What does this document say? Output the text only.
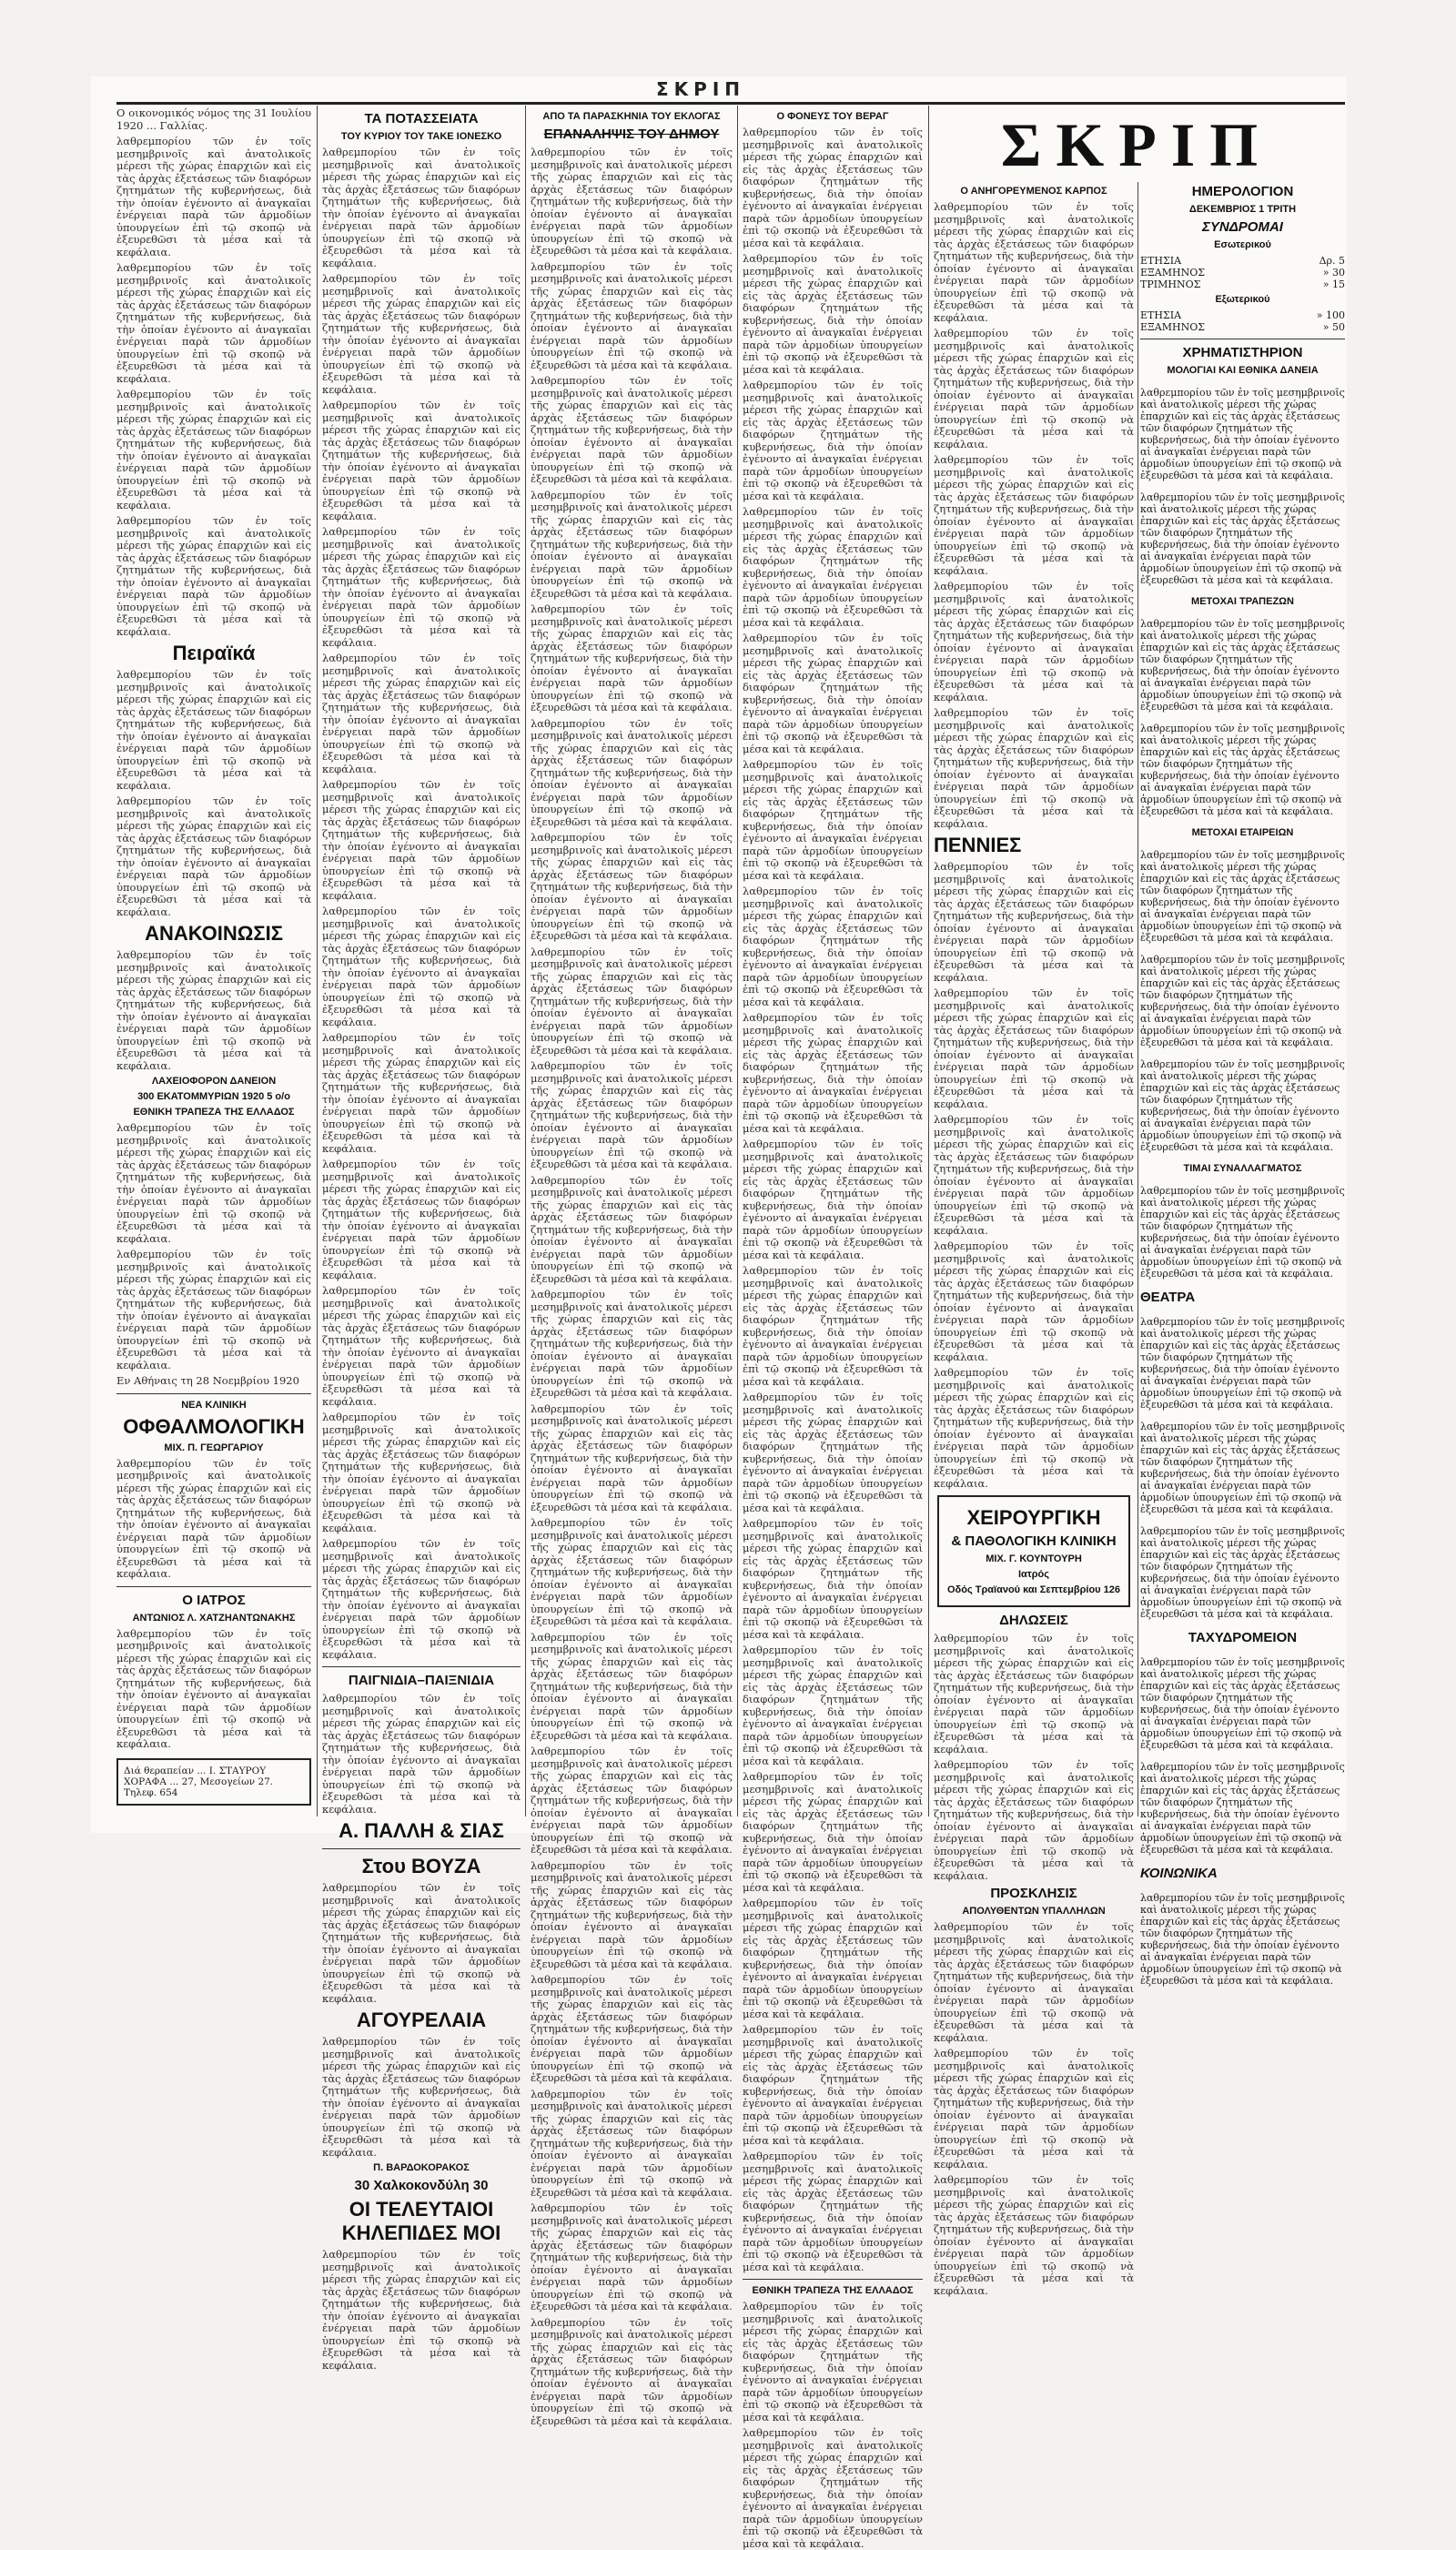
ΣΚΡΙΠ

Ο οικονομικός νόμος της 31 Ιουλίου 1920 ... Γαλλίας.

λαθρεμπορίου τῶν ἐν τοῖς μεσημβρινοῖς καὶ ἀνατολικοῖς μέρεσι τῆς χώρας ἐπαρχιῶν καὶ εἰς τὰς ἀρχὰς ἐξετάσεως τῶν διαφόρων ζητημάτων τῆς κυβερνήσεως, διὰ τὴν ὁποίαν ἐγένοντο αἱ ἀναγκαῖαι ἐνέργειαι παρὰ τῶν ἁρμοδίων ὑπουργείων ἐπὶ τῷ σκοπῷ νὰ ἐξευρεθῶσι τὰ μέσα καὶ τὰ κεφάλαια.

λαθρεμπορίου τῶν ἐν τοῖς μεσημβρινοῖς καὶ ἀνατολικοῖς μέρεσι τῆς χώρας ἐπαρχιῶν καὶ εἰς τὰς ἀρχὰς ἐξετάσεως τῶν διαφόρων ζητημάτων τῆς κυβερνήσεως, διὰ τὴν ὁποίαν ἐγένοντο αἱ ἀναγκαῖαι ἐνέργειαι παρὰ τῶν ἁρμοδίων ὑπουργείων ἐπὶ τῷ σκοπῷ νὰ ἐξευρεθῶσι τὰ μέσα καὶ τὰ κεφάλαια.

λαθρεμπορίου τῶν ἐν τοῖς μεσημβρινοῖς καὶ ἀνατολικοῖς μέρεσι τῆς χώρας ἐπαρχιῶν καὶ εἰς τὰς ἀρχὰς ἐξετάσεως τῶν διαφόρων ζητημάτων τῆς κυβερνήσεως, διὰ τὴν ὁποίαν ἐγένοντο αἱ ἀναγκαῖαι ἐνέργειαι παρὰ τῶν ἁρμοδίων ὑπουργείων ἐπὶ τῷ σκοπῷ νὰ ἐξευρεθῶσι τὰ μέσα καὶ τὰ κεφάλαια.

λαθρεμπορίου τῶν ἐν τοῖς μεσημβρινοῖς καὶ ἀνατολικοῖς μέρεσι τῆς χώρας ἐπαρχιῶν καὶ εἰς τὰς ἀρχὰς ἐξετάσεως τῶν διαφόρων ζητημάτων τῆς κυβερνήσεως, διὰ τὴν ὁποίαν ἐγένοντο αἱ ἀναγκαῖαι ἐνέργειαι παρὰ τῶν ἁρμοδίων ὑπουργείων ἐπὶ τῷ σκοπῷ νὰ ἐξευρεθῶσι τὰ μέσα καὶ τὰ κεφάλαια.

Πειραϊκά

λαθρεμπορίου τῶν ἐν τοῖς μεσημβρινοῖς καὶ ἀνατολικοῖς μέρεσι τῆς χώρας ἐπαρχιῶν καὶ εἰς τὰς ἀρχὰς ἐξετάσεως τῶν διαφόρων ζητημάτων τῆς κυβερνήσεως, διὰ τὴν ὁποίαν ἐγένοντο αἱ ἀναγκαῖαι ἐνέργειαι παρὰ τῶν ἁρμοδίων ὑπουργείων ἐπὶ τῷ σκοπῷ νὰ ἐξευρεθῶσι τὰ μέσα καὶ τὰ κεφάλαια.

λαθρεμπορίου τῶν ἐν τοῖς μεσημβρινοῖς καὶ ἀνατολικοῖς μέρεσι τῆς χώρας ἐπαρχιῶν καὶ εἰς τὰς ἀρχὰς ἐξετάσεως τῶν διαφόρων ζητημάτων τῆς κυβερνήσεως, διὰ τὴν ὁποίαν ἐγένοντο αἱ ἀναγκαῖαι ἐνέργειαι παρὰ τῶν ἁρμοδίων ὑπουργείων ἐπὶ τῷ σκοπῷ νὰ ἐξευρεθῶσι τὰ μέσα καὶ τὰ κεφάλαια.

ΑΝΑΚΟΙΝΩΣΙΣ

λαθρεμπορίου τῶν ἐν τοῖς μεσημβρινοῖς καὶ ἀνατολικοῖς μέρεσι τῆς χώρας ἐπαρχιῶν καὶ εἰς τὰς ἀρχὰς ἐξετάσεως τῶν διαφόρων ζητημάτων τῆς κυβερνήσεως, διὰ τὴν ὁποίαν ἐγένοντο αἱ ἀναγκαῖαι ἐνέργειαι παρὰ τῶν ἁρμοδίων ὑπουργείων ἐπὶ τῷ σκοπῷ νὰ ἐξευρεθῶσι τὰ μέσα καὶ τὰ κεφάλαια.

ΛΑΧΕΙΟΦΟΡΟΝ ΔΑΝΕΙΟΝ
300 ΕΚΑΤΟΜΜΥΡΙΩΝ 1920 5 ο/ο
ΕΘΝΙΚΗ ΤΡΑΠΕΖΑ ΤΗΣ ΕΛΛΑΔΟΣ

λαθρεμπορίου τῶν ἐν τοῖς μεσημβρινοῖς καὶ ἀνατολικοῖς μέρεσι τῆς χώρας ἐπαρχιῶν καὶ εἰς τὰς ἀρχὰς ἐξετάσεως τῶν διαφόρων ζητημάτων τῆς κυβερνήσεως, διὰ τὴν ὁποίαν ἐγένοντο αἱ ἀναγκαῖαι ἐνέργειαι παρὰ τῶν ἁρμοδίων ὑπουργείων ἐπὶ τῷ σκοπῷ νὰ ἐξευρεθῶσι τὰ μέσα καὶ τὰ κεφάλαια.

λαθρεμπορίου τῶν ἐν τοῖς μεσημβρινοῖς καὶ ἀνατολικοῖς μέρεσι τῆς χώρας ἐπαρχιῶν καὶ εἰς τὰς ἀρχὰς ἐξετάσεως τῶν διαφόρων ζητημάτων τῆς κυβερνήσεως, διὰ τὴν ὁποίαν ἐγένοντο αἱ ἀναγκαῖαι ἐνέργειαι παρὰ τῶν ἁρμοδίων ὑπουργείων ἐπὶ τῷ σκοπῷ νὰ ἐξευρεθῶσι τὰ μέσα καὶ τὰ κεφάλαια.

Εν Αθήναις τη 28 Νοεμβρίου 1920

ΝΕΑ ΚΛΙΝΙΚΗ
ΟΦΘΑΛΜΟΛΟΓΙΚΗ
ΜΙΧ. Π. ΓΕΩΡΓΑΡΙΟΥ

λαθρεμπορίου τῶν ἐν τοῖς μεσημβρινοῖς καὶ ἀνατολικοῖς μέρεσι τῆς χώρας ἐπαρχιῶν καὶ εἰς τὰς ἀρχὰς ἐξετάσεως τῶν διαφόρων ζητημάτων τῆς κυβερνήσεως, διὰ τὴν ὁποίαν ἐγένοντο αἱ ἀναγκαῖαι ἐνέργειαι παρὰ τῶν ἁρμοδίων ὑπουργείων ἐπὶ τῷ σκοπῷ νὰ ἐξευρεθῶσι τὰ μέσα καὶ τὰ κεφάλαια.

Ο ΙΑΤΡΟΣ
ΑΝΤΩΝΙΟΣ Λ. ΧΑΤΖΗΑΝΤΩΝΑΚΗΣ

λαθρεμπορίου τῶν ἐν τοῖς μεσημβρινοῖς καὶ ἀνατολικοῖς μέρεσι τῆς χώρας ἐπαρχιῶν καὶ εἰς τὰς ἀρχὰς ἐξετάσεως τῶν διαφόρων ζητημάτων τῆς κυβερνήσεως, διὰ τὴν ὁποίαν ἐγένοντο αἱ ἀναγκαῖαι ἐνέργειαι παρὰ τῶν ἁρμοδίων ὑπουργείων ἐπὶ τῷ σκοπῷ νὰ ἐξευρεθῶσι τὰ μέσα καὶ τὰ κεφάλαια.

Διά θεραπείαν ... Ι. ΣΤΑΥΡΟΥ ΧΟΡΑΦΑ ... 27, Μεσογείων 27. Τηλεφ. 654
ΤΑ ΠΟΤΑΣΣΕΙΑΤΑ
ΤΟΥ ΚΥΡΙΟΥ ΤΟΥ ΤΑΚΕ ΙΟΝΕΣΚΟ

λαθρεμπορίου τῶν ἐν τοῖς μεσημβρινοῖς καὶ ἀνατολικοῖς μέρεσι τῆς χώρας ἐπαρχιῶν καὶ εἰς τὰς ἀρχὰς ἐξετάσεως τῶν διαφόρων ζητημάτων τῆς κυβερνήσεως, διὰ τὴν ὁποίαν ἐγένοντο αἱ ἀναγκαῖαι ἐνέργειαι παρὰ τῶν ἁρμοδίων ὑπουργείων ἐπὶ τῷ σκοπῷ νὰ ἐξευρεθῶσι τὰ μέσα καὶ τὰ κεφάλαια.

λαθρεμπορίου τῶν ἐν τοῖς μεσημβρινοῖς καὶ ἀνατολικοῖς μέρεσι τῆς χώρας ἐπαρχιῶν καὶ εἰς τὰς ἀρχὰς ἐξετάσεως τῶν διαφόρων ζητημάτων τῆς κυβερνήσεως, διὰ τὴν ὁποίαν ἐγένοντο αἱ ἀναγκαῖαι ἐνέργειαι παρὰ τῶν ἁρμοδίων ὑπουργείων ἐπὶ τῷ σκοπῷ νὰ ἐξευρεθῶσι τὰ μέσα καὶ τὰ κεφάλαια.

λαθρεμπορίου τῶν ἐν τοῖς μεσημβρινοῖς καὶ ἀνατολικοῖς μέρεσι τῆς χώρας ἐπαρχιῶν καὶ εἰς τὰς ἀρχὰς ἐξετάσεως τῶν διαφόρων ζητημάτων τῆς κυβερνήσεως, διὰ τὴν ὁποίαν ἐγένοντο αἱ ἀναγκαῖαι ἐνέργειαι παρὰ τῶν ἁρμοδίων ὑπουργείων ἐπὶ τῷ σκοπῷ νὰ ἐξευρεθῶσι τὰ μέσα καὶ τὰ κεφάλαια.

λαθρεμπορίου τῶν ἐν τοῖς μεσημβρινοῖς καὶ ἀνατολικοῖς μέρεσι τῆς χώρας ἐπαρχιῶν καὶ εἰς τὰς ἀρχὰς ἐξετάσεως τῶν διαφόρων ζητημάτων τῆς κυβερνήσεως, διὰ τὴν ὁποίαν ἐγένοντο αἱ ἀναγκαῖαι ἐνέργειαι παρὰ τῶν ἁρμοδίων ὑπουργείων ἐπὶ τῷ σκοπῷ νὰ ἐξευρεθῶσι τὰ μέσα καὶ τὰ κεφάλαια.

λαθρεμπορίου τῶν ἐν τοῖς μεσημβρινοῖς καὶ ἀνατολικοῖς μέρεσι τῆς χώρας ἐπαρχιῶν καὶ εἰς τὰς ἀρχὰς ἐξετάσεως τῶν διαφόρων ζητημάτων τῆς κυβερνήσεως, διὰ τὴν ὁποίαν ἐγένοντο αἱ ἀναγκαῖαι ἐνέργειαι παρὰ τῶν ἁρμοδίων ὑπουργείων ἐπὶ τῷ σκοπῷ νὰ ἐξευρεθῶσι τὰ μέσα καὶ τὰ κεφάλαια.

λαθρεμπορίου τῶν ἐν τοῖς μεσημβρινοῖς καὶ ἀνατολικοῖς μέρεσι τῆς χώρας ἐπαρχιῶν καὶ εἰς τὰς ἀρχὰς ἐξετάσεως τῶν διαφόρων ζητημάτων τῆς κυβερνήσεως, διὰ τὴν ὁποίαν ἐγένοντο αἱ ἀναγκαῖαι ἐνέργειαι παρὰ τῶν ἁρμοδίων ὑπουργείων ἐπὶ τῷ σκοπῷ νὰ ἐξευρεθῶσι τὰ μέσα καὶ τὰ κεφάλαια.

λαθρεμπορίου τῶν ἐν τοῖς μεσημβρινοῖς καὶ ἀνατολικοῖς μέρεσι τῆς χώρας ἐπαρχιῶν καὶ εἰς τὰς ἀρχὰς ἐξετάσεως τῶν διαφόρων ζητημάτων τῆς κυβερνήσεως, διὰ τὴν ὁποίαν ἐγένοντο αἱ ἀναγκαῖαι ἐνέργειαι παρὰ τῶν ἁρμοδίων ὑπουργείων ἐπὶ τῷ σκοπῷ νὰ ἐξευρεθῶσι τὰ μέσα καὶ τὰ κεφάλαια.

λαθρεμπορίου τῶν ἐν τοῖς μεσημβρινοῖς καὶ ἀνατολικοῖς μέρεσι τῆς χώρας ἐπαρχιῶν καὶ εἰς τὰς ἀρχὰς ἐξετάσεως τῶν διαφόρων ζητημάτων τῆς κυβερνήσεως, διὰ τὴν ὁποίαν ἐγένοντο αἱ ἀναγκαῖαι ἐνέργειαι παρὰ τῶν ἁρμοδίων ὑπουργείων ἐπὶ τῷ σκοπῷ νὰ ἐξευρεθῶσι τὰ μέσα καὶ τὰ κεφάλαια.

λαθρεμπορίου τῶν ἐν τοῖς μεσημβρινοῖς καὶ ἀνατολικοῖς μέρεσι τῆς χώρας ἐπαρχιῶν καὶ εἰς τὰς ἀρχὰς ἐξετάσεως τῶν διαφόρων ζητημάτων τῆς κυβερνήσεως, διὰ τὴν ὁποίαν ἐγένοντο αἱ ἀναγκαῖαι ἐνέργειαι παρὰ τῶν ἁρμοδίων ὑπουργείων ἐπὶ τῷ σκοπῷ νὰ ἐξευρεθῶσι τὰ μέσα καὶ τὰ κεφάλαια.

λαθρεμπορίου τῶν ἐν τοῖς μεσημβρινοῖς καὶ ἀνατολικοῖς μέρεσι τῆς χώρας ἐπαρχιῶν καὶ εἰς τὰς ἀρχὰς ἐξετάσεως τῶν διαφόρων ζητημάτων τῆς κυβερνήσεως, διὰ τὴν ὁποίαν ἐγένοντο αἱ ἀναγκαῖαι ἐνέργειαι παρὰ τῶν ἁρμοδίων ὑπουργείων ἐπὶ τῷ σκοπῷ νὰ ἐξευρεθῶσι τὰ μέσα καὶ τὰ κεφάλαια.

λαθρεμπορίου τῶν ἐν τοῖς μεσημβρινοῖς καὶ ἀνατολικοῖς μέρεσι τῆς χώρας ἐπαρχιῶν καὶ εἰς τὰς ἀρχὰς ἐξετάσεως τῶν διαφόρων ζητημάτων τῆς κυβερνήσεως, διὰ τὴν ὁποίαν ἐγένοντο αἱ ἀναγκαῖαι ἐνέργειαι παρὰ τῶν ἁρμοδίων ὑπουργείων ἐπὶ τῷ σκοπῷ νὰ ἐξευρεθῶσι τὰ μέσα καὶ τὰ κεφάλαια.

λαθρεμπορίου τῶν ἐν τοῖς μεσημβρινοῖς καὶ ἀνατολικοῖς μέρεσι τῆς χώρας ἐπαρχιῶν καὶ εἰς τὰς ἀρχὰς ἐξετάσεως τῶν διαφόρων ζητημάτων τῆς κυβερνήσεως, διὰ τὴν ὁποίαν ἐγένοντο αἱ ἀναγκαῖαι ἐνέργειαι παρὰ τῶν ἁρμοδίων ὑπουργείων ἐπὶ τῷ σκοπῷ νὰ ἐξευρεθῶσι τὰ μέσα καὶ τὰ κεφάλαια.

ΠΑΙΓΝΙΔΙΑ–ΠΑΙΞΝΙΔΙΑ

λαθρεμπορίου τῶν ἐν τοῖς μεσημβρινοῖς καὶ ἀνατολικοῖς μέρεσι τῆς χώρας ἐπαρχιῶν καὶ εἰς τὰς ἀρχὰς ἐξετάσεως τῶν διαφόρων ζητημάτων τῆς κυβερνήσεως, διὰ τὴν ὁποίαν ἐγένοντο αἱ ἀναγκαῖαι ἐνέργειαι παρὰ τῶν ἁρμοδίων ὑπουργείων ἐπὶ τῷ σκοπῷ νὰ ἐξευρεθῶσι τὰ μέσα καὶ τὰ κεφάλαια.

Α. ΠΑΛΛΗ & ΣΙΑΣ
Στου ΒΟΥΖΑ

λαθρεμπορίου τῶν ἐν τοῖς μεσημβρινοῖς καὶ ἀνατολικοῖς μέρεσι τῆς χώρας ἐπαρχιῶν καὶ εἰς τὰς ἀρχὰς ἐξετάσεως τῶν διαφόρων ζητημάτων τῆς κυβερνήσεως, διὰ τὴν ὁποίαν ἐγένοντο αἱ ἀναγκαῖαι ἐνέργειαι παρὰ τῶν ἁρμοδίων ὑπουργείων ἐπὶ τῷ σκοπῷ νὰ ἐξευρεθῶσι τὰ μέσα καὶ τὰ κεφάλαια.

ΑΓΟΥΡΕΛΑΙΑ

λαθρεμπορίου τῶν ἐν τοῖς μεσημβρινοῖς καὶ ἀνατολικοῖς μέρεσι τῆς χώρας ἐπαρχιῶν καὶ εἰς τὰς ἀρχὰς ἐξετάσεως τῶν διαφόρων ζητημάτων τῆς κυβερνήσεως, διὰ τὴν ὁποίαν ἐγένοντο αἱ ἀναγκαῖαι ἐνέργειαι παρὰ τῶν ἁρμοδίων ὑπουργείων ἐπὶ τῷ σκοπῷ νὰ ἐξευρεθῶσι τὰ μέσα καὶ τὰ κεφάλαια.

Π. ΒΑΡΔΟΚΟΡΑΚΟΣ
30 Χαλκοκονδύλη 30
ΟΙ ΤΕΛΕΥΤΑΙΟΙ ΚΗΛΕΠΙΔΕΣ ΜΟΙ

λαθρεμπορίου τῶν ἐν τοῖς μεσημβρινοῖς καὶ ἀνατολικοῖς μέρεσι τῆς χώρας ἐπαρχιῶν καὶ εἰς τὰς ἀρχὰς ἐξετάσεως τῶν διαφόρων ζητημάτων τῆς κυβερνήσεως, διὰ τὴν ὁποίαν ἐγένοντο αἱ ἀναγκαῖαι ἐνέργειαι παρὰ τῶν ἁρμοδίων ὑπουργείων ἐπὶ τῷ σκοπῷ νὰ ἐξευρεθῶσι τὰ μέσα καὶ τὰ κεφάλαια.

ΑΠΟ ΤΑ ΠΑΡΑΣΚΗΝΙΑ ΤΟΥ ΕΚΛΟΓΑΣ
ΕΠΑΝΑΛΗΨΙΣ ΤΟΥ ΔΗΜΟΥ

λαθρεμπορίου τῶν ἐν τοῖς μεσημβρινοῖς καὶ ἀνατολικοῖς μέρεσι τῆς χώρας ἐπαρχιῶν καὶ εἰς τὰς ἀρχὰς ἐξετάσεως τῶν διαφόρων ζητημάτων τῆς κυβερνήσεως, διὰ τὴν ὁποίαν ἐγένοντο αἱ ἀναγκαῖαι ἐνέργειαι παρὰ τῶν ἁρμοδίων ὑπουργείων ἐπὶ τῷ σκοπῷ νὰ ἐξευρεθῶσι τὰ μέσα καὶ τὰ κεφάλαια.

λαθρεμπορίου τῶν ἐν τοῖς μεσημβρινοῖς καὶ ἀνατολικοῖς μέρεσι τῆς χώρας ἐπαρχιῶν καὶ εἰς τὰς ἀρχὰς ἐξετάσεως τῶν διαφόρων ζητημάτων τῆς κυβερνήσεως, διὰ τὴν ὁποίαν ἐγένοντο αἱ ἀναγκαῖαι ἐνέργειαι παρὰ τῶν ἁρμοδίων ὑπουργείων ἐπὶ τῷ σκοπῷ νὰ ἐξευρεθῶσι τὰ μέσα καὶ τὰ κεφάλαια.

λαθρεμπορίου τῶν ἐν τοῖς μεσημβρινοῖς καὶ ἀνατολικοῖς μέρεσι τῆς χώρας ἐπαρχιῶν καὶ εἰς τὰς ἀρχὰς ἐξετάσεως τῶν διαφόρων ζητημάτων τῆς κυβερνήσεως, διὰ τὴν ὁποίαν ἐγένοντο αἱ ἀναγκαῖαι ἐνέργειαι παρὰ τῶν ἁρμοδίων ὑπουργείων ἐπὶ τῷ σκοπῷ νὰ ἐξευρεθῶσι τὰ μέσα καὶ τὰ κεφάλαια.

λαθρεμπορίου τῶν ἐν τοῖς μεσημβρινοῖς καὶ ἀνατολικοῖς μέρεσι τῆς χώρας ἐπαρχιῶν καὶ εἰς τὰς ἀρχὰς ἐξετάσεως τῶν διαφόρων ζητημάτων τῆς κυβερνήσεως, διὰ τὴν ὁποίαν ἐγένοντο αἱ ἀναγκαῖαι ἐνέργειαι παρὰ τῶν ἁρμοδίων ὑπουργείων ἐπὶ τῷ σκοπῷ νὰ ἐξευρεθῶσι τὰ μέσα καὶ τὰ κεφάλαια.

λαθρεμπορίου τῶν ἐν τοῖς μεσημβρινοῖς καὶ ἀνατολικοῖς μέρεσι τῆς χώρας ἐπαρχιῶν καὶ εἰς τὰς ἀρχὰς ἐξετάσεως τῶν διαφόρων ζητημάτων τῆς κυβερνήσεως, διὰ τὴν ὁποίαν ἐγένοντο αἱ ἀναγκαῖαι ἐνέργειαι παρὰ τῶν ἁρμοδίων ὑπουργείων ἐπὶ τῷ σκοπῷ νὰ ἐξευρεθῶσι τὰ μέσα καὶ τὰ κεφάλαια.

λαθρεμπορίου τῶν ἐν τοῖς μεσημβρινοῖς καὶ ἀνατολικοῖς μέρεσι τῆς χώρας ἐπαρχιῶν καὶ εἰς τὰς ἀρχὰς ἐξετάσεως τῶν διαφόρων ζητημάτων τῆς κυβερνήσεως, διὰ τὴν ὁποίαν ἐγένοντο αἱ ἀναγκαῖαι ἐνέργειαι παρὰ τῶν ἁρμοδίων ὑπουργείων ἐπὶ τῷ σκοπῷ νὰ ἐξευρεθῶσι τὰ μέσα καὶ τὰ κεφάλαια.

λαθρεμπορίου τῶν ἐν τοῖς μεσημβρινοῖς καὶ ἀνατολικοῖς μέρεσι τῆς χώρας ἐπαρχιῶν καὶ εἰς τὰς ἀρχὰς ἐξετάσεως τῶν διαφόρων ζητημάτων τῆς κυβερνήσεως, διὰ τὴν ὁποίαν ἐγένοντο αἱ ἀναγκαῖαι ἐνέργειαι παρὰ τῶν ἁρμοδίων ὑπουργείων ἐπὶ τῷ σκοπῷ νὰ ἐξευρεθῶσι τὰ μέσα καὶ τὰ κεφάλαια.

λαθρεμπορίου τῶν ἐν τοῖς μεσημβρινοῖς καὶ ἀνατολικοῖς μέρεσι τῆς χώρας ἐπαρχιῶν καὶ εἰς τὰς ἀρχὰς ἐξετάσεως τῶν διαφόρων ζητημάτων τῆς κυβερνήσεως, διὰ τὴν ὁποίαν ἐγένοντο αἱ ἀναγκαῖαι ἐνέργειαι παρὰ τῶν ἁρμοδίων ὑπουργείων ἐπὶ τῷ σκοπῷ νὰ ἐξευρεθῶσι τὰ μέσα καὶ τὰ κεφάλαια.

λαθρεμπορίου τῶν ἐν τοῖς μεσημβρινοῖς καὶ ἀνατολικοῖς μέρεσι τῆς χώρας ἐπαρχιῶν καὶ εἰς τὰς ἀρχὰς ἐξετάσεως τῶν διαφόρων ζητημάτων τῆς κυβερνήσεως, διὰ τὴν ὁποίαν ἐγένοντο αἱ ἀναγκαῖαι ἐνέργειαι παρὰ τῶν ἁρμοδίων ὑπουργείων ἐπὶ τῷ σκοπῷ νὰ ἐξευρεθῶσι τὰ μέσα καὶ τὰ κεφάλαια.

λαθρεμπορίου τῶν ἐν τοῖς μεσημβρινοῖς καὶ ἀνατολικοῖς μέρεσι τῆς χώρας ἐπαρχιῶν καὶ εἰς τὰς ἀρχὰς ἐξετάσεως τῶν διαφόρων ζητημάτων τῆς κυβερνήσεως, διὰ τὴν ὁποίαν ἐγένοντο αἱ ἀναγκαῖαι ἐνέργειαι παρὰ τῶν ἁρμοδίων ὑπουργείων ἐπὶ τῷ σκοπῷ νὰ ἐξευρεθῶσι τὰ μέσα καὶ τὰ κεφάλαια.

λαθρεμπορίου τῶν ἐν τοῖς μεσημβρινοῖς καὶ ἀνατολικοῖς μέρεσι τῆς χώρας ἐπαρχιῶν καὶ εἰς τὰς ἀρχὰς ἐξετάσεως τῶν διαφόρων ζητημάτων τῆς κυβερνήσεως, διὰ τὴν ὁποίαν ἐγένοντο αἱ ἀναγκαῖαι ἐνέργειαι παρὰ τῶν ἁρμοδίων ὑπουργείων ἐπὶ τῷ σκοπῷ νὰ ἐξευρεθῶσι τὰ μέσα καὶ τὰ κεφάλαια.

λαθρεμπορίου τῶν ἐν τοῖς μεσημβρινοῖς καὶ ἀνατολικοῖς μέρεσι τῆς χώρας ἐπαρχιῶν καὶ εἰς τὰς ἀρχὰς ἐξετάσεως τῶν διαφόρων ζητημάτων τῆς κυβερνήσεως, διὰ τὴν ὁποίαν ἐγένοντο αἱ ἀναγκαῖαι ἐνέργειαι παρὰ τῶν ἁρμοδίων ὑπουργείων ἐπὶ τῷ σκοπῷ νὰ ἐξευρεθῶσι τὰ μέσα καὶ τὰ κεφάλαια.

λαθρεμπορίου τῶν ἐν τοῖς μεσημβρινοῖς καὶ ἀνατολικοῖς μέρεσι τῆς χώρας ἐπαρχιῶν καὶ εἰς τὰς ἀρχὰς ἐξετάσεως τῶν διαφόρων ζητημάτων τῆς κυβερνήσεως, διὰ τὴν ὁποίαν ἐγένοντο αἱ ἀναγκαῖαι ἐνέργειαι παρὰ τῶν ἁρμοδίων ὑπουργείων ἐπὶ τῷ σκοπῷ νὰ ἐξευρεθῶσι τὰ μέσα καὶ τὰ κεφάλαια.

λαθρεμπορίου τῶν ἐν τοῖς μεσημβρινοῖς καὶ ἀνατολικοῖς μέρεσι τῆς χώρας ἐπαρχιῶν καὶ εἰς τὰς ἀρχὰς ἐξετάσεως τῶν διαφόρων ζητημάτων τῆς κυβερνήσεως, διὰ τὴν ὁποίαν ἐγένοντο αἱ ἀναγκαῖαι ἐνέργειαι παρὰ τῶν ἁρμοδίων ὑπουργείων ἐπὶ τῷ σκοπῷ νὰ ἐξευρεθῶσι τὰ μέσα καὶ τὰ κεφάλαια.

λαθρεμπορίου τῶν ἐν τοῖς μεσημβρινοῖς καὶ ἀνατολικοῖς μέρεσι τῆς χώρας ἐπαρχιῶν καὶ εἰς τὰς ἀρχὰς ἐξετάσεως τῶν διαφόρων ζητημάτων τῆς κυβερνήσεως, διὰ τὴν ὁποίαν ἐγένοντο αἱ ἀναγκαῖαι ἐνέργειαι παρὰ τῶν ἁρμοδίων ὑπουργείων ἐπὶ τῷ σκοπῷ νὰ ἐξευρεθῶσι τὰ μέσα καὶ τὰ κεφάλαια.

λαθρεμπορίου τῶν ἐν τοῖς μεσημβρινοῖς καὶ ἀνατολικοῖς μέρεσι τῆς χώρας ἐπαρχιῶν καὶ εἰς τὰς ἀρχὰς ἐξετάσεως τῶν διαφόρων ζητημάτων τῆς κυβερνήσεως, διὰ τὴν ὁποίαν ἐγένοντο αἱ ἀναγκαῖαι ἐνέργειαι παρὰ τῶν ἁρμοδίων ὑπουργείων ἐπὶ τῷ σκοπῷ νὰ ἐξευρεθῶσι τὰ μέσα καὶ τὰ κεφάλαια.

λαθρεμπορίου τῶν ἐν τοῖς μεσημβρινοῖς καὶ ἀνατολικοῖς μέρεσι τῆς χώρας ἐπαρχιῶν καὶ εἰς τὰς ἀρχὰς ἐξετάσεως τῶν διαφόρων ζητημάτων τῆς κυβερνήσεως, διὰ τὴν ὁποίαν ἐγένοντο αἱ ἀναγκαῖαι ἐνέργειαι παρὰ τῶν ἁρμοδίων ὑπουργείων ἐπὶ τῷ σκοπῷ νὰ ἐξευρεθῶσι τὰ μέσα καὶ τὰ κεφάλαια.

λαθρεμπορίου τῶν ἐν τοῖς μεσημβρινοῖς καὶ ἀνατολικοῖς μέρεσι τῆς χώρας ἐπαρχιῶν καὶ εἰς τὰς ἀρχὰς ἐξετάσεως τῶν διαφόρων ζητημάτων τῆς κυβερνήσεως, διὰ τὴν ὁποίαν ἐγένοντο αἱ ἀναγκαῖαι ἐνέργειαι παρὰ τῶν ἁρμοδίων ὑπουργείων ἐπὶ τῷ σκοπῷ νὰ ἐξευρεθῶσι τὰ μέσα καὶ τὰ κεφάλαια.

λαθρεμπορίου τῶν ἐν τοῖς μεσημβρινοῖς καὶ ἀνατολικοῖς μέρεσι τῆς χώρας ἐπαρχιῶν καὶ εἰς τὰς ἀρχὰς ἐξετάσεως τῶν διαφόρων ζητημάτων τῆς κυβερνήσεως, διὰ τὴν ὁποίαν ἐγένοντο αἱ ἀναγκαῖαι ἐνέργειαι παρὰ τῶν ἁρμοδίων ὑπουργείων ἐπὶ τῷ σκοπῷ νὰ ἐξευρεθῶσι τὰ μέσα καὶ τὰ κεφάλαια.

λαθρεμπορίου τῶν ἐν τοῖς μεσημβρινοῖς καὶ ἀνατολικοῖς μέρεσι τῆς χώρας ἐπαρχιῶν καὶ εἰς τὰς ἀρχὰς ἐξετάσεως τῶν διαφόρων ζητημάτων τῆς κυβερνήσεως, διὰ τὴν ὁποίαν ἐγένοντο αἱ ἀναγκαῖαι ἐνέργειαι παρὰ τῶν ἁρμοδίων ὑπουργείων ἐπὶ τῷ σκοπῷ νὰ ἐξευρεθῶσι τὰ μέσα καὶ τὰ κεφάλαια.

Ο ΦΟΝΕΥΣ ΤΟΥ ΒΕΡΑΓ

λαθρεμπορίου τῶν ἐν τοῖς μεσημβρινοῖς καὶ ἀνατολικοῖς μέρεσι τῆς χώρας ἐπαρχιῶν καὶ εἰς τὰς ἀρχὰς ἐξετάσεως τῶν διαφόρων ζητημάτων τῆς κυβερνήσεως, διὰ τὴν ὁποίαν ἐγένοντο αἱ ἀναγκαῖαι ἐνέργειαι παρὰ τῶν ἁρμοδίων ὑπουργείων ἐπὶ τῷ σκοπῷ νὰ ἐξευρεθῶσι τὰ μέσα καὶ τὰ κεφάλαια.

λαθρεμπορίου τῶν ἐν τοῖς μεσημβρινοῖς καὶ ἀνατολικοῖς μέρεσι τῆς χώρας ἐπαρχιῶν καὶ εἰς τὰς ἀρχὰς ἐξετάσεως τῶν διαφόρων ζητημάτων τῆς κυβερνήσεως, διὰ τὴν ὁποίαν ἐγένοντο αἱ ἀναγκαῖαι ἐνέργειαι παρὰ τῶν ἁρμοδίων ὑπουργείων ἐπὶ τῷ σκοπῷ νὰ ἐξευρεθῶσι τὰ μέσα καὶ τὰ κεφάλαια.

λαθρεμπορίου τῶν ἐν τοῖς μεσημβρινοῖς καὶ ἀνατολικοῖς μέρεσι τῆς χώρας ἐπαρχιῶν καὶ εἰς τὰς ἀρχὰς ἐξετάσεως τῶν διαφόρων ζητημάτων τῆς κυβερνήσεως, διὰ τὴν ὁποίαν ἐγένοντο αἱ ἀναγκαῖαι ἐνέργειαι παρὰ τῶν ἁρμοδίων ὑπουργείων ἐπὶ τῷ σκοπῷ νὰ ἐξευρεθῶσι τὰ μέσα καὶ τὰ κεφάλαια.

λαθρεμπορίου τῶν ἐν τοῖς μεσημβρινοῖς καὶ ἀνατολικοῖς μέρεσι τῆς χώρας ἐπαρχιῶν καὶ εἰς τὰς ἀρχὰς ἐξετάσεως τῶν διαφόρων ζητημάτων τῆς κυβερνήσεως, διὰ τὴν ὁποίαν ἐγένοντο αἱ ἀναγκαῖαι ἐνέργειαι παρὰ τῶν ἁρμοδίων ὑπουργείων ἐπὶ τῷ σκοπῷ νὰ ἐξευρεθῶσι τὰ μέσα καὶ τὰ κεφάλαια.

λαθρεμπορίου τῶν ἐν τοῖς μεσημβρινοῖς καὶ ἀνατολικοῖς μέρεσι τῆς χώρας ἐπαρχιῶν καὶ εἰς τὰς ἀρχὰς ἐξετάσεως τῶν διαφόρων ζητημάτων τῆς κυβερνήσεως, διὰ τὴν ὁποίαν ἐγένοντο αἱ ἀναγκαῖαι ἐνέργειαι παρὰ τῶν ἁρμοδίων ὑπουργείων ἐπὶ τῷ σκοπῷ νὰ ἐξευρεθῶσι τὰ μέσα καὶ τὰ κεφάλαια.

λαθρεμπορίου τῶν ἐν τοῖς μεσημβρινοῖς καὶ ἀνατολικοῖς μέρεσι τῆς χώρας ἐπαρχιῶν καὶ εἰς τὰς ἀρχὰς ἐξετάσεως τῶν διαφόρων ζητημάτων τῆς κυβερνήσεως, διὰ τὴν ὁποίαν ἐγένοντο αἱ ἀναγκαῖαι ἐνέργειαι παρὰ τῶν ἁρμοδίων ὑπουργείων ἐπὶ τῷ σκοπῷ νὰ ἐξευρεθῶσι τὰ μέσα καὶ τὰ κεφάλαια.

λαθρεμπορίου τῶν ἐν τοῖς μεσημβρινοῖς καὶ ἀνατολικοῖς μέρεσι τῆς χώρας ἐπαρχιῶν καὶ εἰς τὰς ἀρχὰς ἐξετάσεως τῶν διαφόρων ζητημάτων τῆς κυβερνήσεως, διὰ τὴν ὁποίαν ἐγένοντο αἱ ἀναγκαῖαι ἐνέργειαι παρὰ τῶν ἁρμοδίων ὑπουργείων ἐπὶ τῷ σκοπῷ νὰ ἐξευρεθῶσι τὰ μέσα καὶ τὰ κεφάλαια.

λαθρεμπορίου τῶν ἐν τοῖς μεσημβρινοῖς καὶ ἀνατολικοῖς μέρεσι τῆς χώρας ἐπαρχιῶν καὶ εἰς τὰς ἀρχὰς ἐξετάσεως τῶν διαφόρων ζητημάτων τῆς κυβερνήσεως, διὰ τὴν ὁποίαν ἐγένοντο αἱ ἀναγκαῖαι ἐνέργειαι παρὰ τῶν ἁρμοδίων ὑπουργείων ἐπὶ τῷ σκοπῷ νὰ ἐξευρεθῶσι τὰ μέσα καὶ τὰ κεφάλαια.

λαθρεμπορίου τῶν ἐν τοῖς μεσημβρινοῖς καὶ ἀνατολικοῖς μέρεσι τῆς χώρας ἐπαρχιῶν καὶ εἰς τὰς ἀρχὰς ἐξετάσεως τῶν διαφόρων ζητημάτων τῆς κυβερνήσεως, διὰ τὴν ὁποίαν ἐγένοντο αἱ ἀναγκαῖαι ἐνέργειαι παρὰ τῶν ἁρμοδίων ὑπουργείων ἐπὶ τῷ σκοπῷ νὰ ἐξευρεθῶσι τὰ μέσα καὶ τὰ κεφάλαια.

λαθρεμπορίου τῶν ἐν τοῖς μεσημβρινοῖς καὶ ἀνατολικοῖς μέρεσι τῆς χώρας ἐπαρχιῶν καὶ εἰς τὰς ἀρχὰς ἐξετάσεως τῶν διαφόρων ζητημάτων τῆς κυβερνήσεως, διὰ τὴν ὁποίαν ἐγένοντο αἱ ἀναγκαῖαι ἐνέργειαι παρὰ τῶν ἁρμοδίων ὑπουργείων ἐπὶ τῷ σκοπῷ νὰ ἐξευρεθῶσι τὰ μέσα καὶ τὰ κεφάλαια.

λαθρεμπορίου τῶν ἐν τοῖς μεσημβρινοῖς καὶ ἀνατολικοῖς μέρεσι τῆς χώρας ἐπαρχιῶν καὶ εἰς τὰς ἀρχὰς ἐξετάσεως τῶν διαφόρων ζητημάτων τῆς κυβερνήσεως, διὰ τὴν ὁποίαν ἐγένοντο αἱ ἀναγκαῖαι ἐνέργειαι παρὰ τῶν ἁρμοδίων ὑπουργείων ἐπὶ τῷ σκοπῷ νὰ ἐξευρεθῶσι τὰ μέσα καὶ τὰ κεφάλαια.

λαθρεμπορίου τῶν ἐν τοῖς μεσημβρινοῖς καὶ ἀνατολικοῖς μέρεσι τῆς χώρας ἐπαρχιῶν καὶ εἰς τὰς ἀρχὰς ἐξετάσεως τῶν διαφόρων ζητημάτων τῆς κυβερνήσεως, διὰ τὴν ὁποίαν ἐγένοντο αἱ ἀναγκαῖαι ἐνέργειαι παρὰ τῶν ἁρμοδίων ὑπουργείων ἐπὶ τῷ σκοπῷ νὰ ἐξευρεθῶσι τὰ μέσα καὶ τὰ κεφάλαια.

λαθρεμπορίου τῶν ἐν τοῖς μεσημβρινοῖς καὶ ἀνατολικοῖς μέρεσι τῆς χώρας ἐπαρχιῶν καὶ εἰς τὰς ἀρχὰς ἐξετάσεως τῶν διαφόρων ζητημάτων τῆς κυβερνήσεως, διὰ τὴν ὁποίαν ἐγένοντο αἱ ἀναγκαῖαι ἐνέργειαι παρὰ τῶν ἁρμοδίων ὑπουργείων ἐπὶ τῷ σκοπῷ νὰ ἐξευρεθῶσι τὰ μέσα καὶ τὰ κεφάλαια.

λαθρεμπορίου τῶν ἐν τοῖς μεσημβρινοῖς καὶ ἀνατολικοῖς μέρεσι τῆς χώρας ἐπαρχιῶν καὶ εἰς τὰς ἀρχὰς ἐξετάσεως τῶν διαφόρων ζητημάτων τῆς κυβερνήσεως, διὰ τὴν ὁποίαν ἐγένοντο αἱ ἀναγκαῖαι ἐνέργειαι παρὰ τῶν ἁρμοδίων ὑπουργείων ἐπὶ τῷ σκοπῷ νὰ ἐξευρεθῶσι τὰ μέσα καὶ τὰ κεφάλαια.

λαθρεμπορίου τῶν ἐν τοῖς μεσημβρινοῖς καὶ ἀνατολικοῖς μέρεσι τῆς χώρας ἐπαρχιῶν καὶ εἰς τὰς ἀρχὰς ἐξετάσεως τῶν διαφόρων ζητημάτων τῆς κυβερνήσεως, διὰ τὴν ὁποίαν ἐγένοντο αἱ ἀναγκαῖαι ἐνέργειαι παρὰ τῶν ἁρμοδίων ὑπουργείων ἐπὶ τῷ σκοπῷ νὰ ἐξευρεθῶσι τὰ μέσα καὶ τὰ κεφάλαια.

λαθρεμπορίου τῶν ἐν τοῖς μεσημβρινοῖς καὶ ἀνατολικοῖς μέρεσι τῆς χώρας ἐπαρχιῶν καὶ εἰς τὰς ἀρχὰς ἐξετάσεως τῶν διαφόρων ζητημάτων τῆς κυβερνήσεως, διὰ τὴν ὁποίαν ἐγένοντο αἱ ἀναγκαῖαι ἐνέργειαι παρὰ τῶν ἁρμοδίων ὑπουργείων ἐπὶ τῷ σκοπῷ νὰ ἐξευρεθῶσι τὰ μέσα καὶ τὰ κεφάλαια.

λαθρεμπορίου τῶν ἐν τοῖς μεσημβρινοῖς καὶ ἀνατολικοῖς μέρεσι τῆς χώρας ἐπαρχιῶν καὶ εἰς τὰς ἀρχὰς ἐξετάσεως τῶν διαφόρων ζητημάτων τῆς κυβερνήσεως, διὰ τὴν ὁποίαν ἐγένοντο αἱ ἀναγκαῖαι ἐνέργειαι παρὰ τῶν ἁρμοδίων ὑπουργείων ἐπὶ τῷ σκοπῷ νὰ ἐξευρεθῶσι τὰ μέσα καὶ τὰ κεφάλαια.

ΕΘΝΙΚΗ ΤΡΑΠΕΖΑ ΤΗΣ ΕΛΛΑΔΟΣ

λαθρεμπορίου τῶν ἐν τοῖς μεσημβρινοῖς καὶ ἀνατολικοῖς μέρεσι τῆς χώρας ἐπαρχιῶν καὶ εἰς τὰς ἀρχὰς ἐξετάσεως τῶν διαφόρων ζητημάτων τῆς κυβερνήσεως, διὰ τὴν ὁποίαν ἐγένοντο αἱ ἀναγκαῖαι ἐνέργειαι παρὰ τῶν ἁρμοδίων ὑπουργείων ἐπὶ τῷ σκοπῷ νὰ ἐξευρεθῶσι τὰ μέσα καὶ τὰ κεφάλαια.

λαθρεμπορίου τῶν ἐν τοῖς μεσημβρινοῖς καὶ ἀνατολικοῖς μέρεσι τῆς χώρας ἐπαρχιῶν καὶ εἰς τὰς ἀρχὰς ἐξετάσεως τῶν διαφόρων ζητημάτων τῆς κυβερνήσεως, διὰ τὴν ὁποίαν ἐγένοντο αἱ ἀναγκαῖαι ἐνέργειαι παρὰ τῶν ἁρμοδίων ὑπουργείων ἐπὶ τῷ σκοπῷ νὰ ἐξευρεθῶσι τὰ μέσα καὶ τὰ κεφάλαια.

ΣΚΡΙΠ
Ο ΑΝΗΓΟΡΕΥΜΕΝΟΣ ΚΑΡΠΟΣ

λαθρεμπορίου τῶν ἐν τοῖς μεσημβρινοῖς καὶ ἀνατολικοῖς μέρεσι τῆς χώρας ἐπαρχιῶν καὶ εἰς τὰς ἀρχὰς ἐξετάσεως τῶν διαφόρων ζητημάτων τῆς κυβερνήσεως, διὰ τὴν ὁποίαν ἐγένοντο αἱ ἀναγκαῖαι ἐνέργειαι παρὰ τῶν ἁρμοδίων ὑπουργείων ἐπὶ τῷ σκοπῷ νὰ ἐξευρεθῶσι τὰ μέσα καὶ τὰ κεφάλαια.

λαθρεμπορίου τῶν ἐν τοῖς μεσημβρινοῖς καὶ ἀνατολικοῖς μέρεσι τῆς χώρας ἐπαρχιῶν καὶ εἰς τὰς ἀρχὰς ἐξετάσεως τῶν διαφόρων ζητημάτων τῆς κυβερνήσεως, διὰ τὴν ὁποίαν ἐγένοντο αἱ ἀναγκαῖαι ἐνέργειαι παρὰ τῶν ἁρμοδίων ὑπουργείων ἐπὶ τῷ σκοπῷ νὰ ἐξευρεθῶσι τὰ μέσα καὶ τὰ κεφάλαια.

λαθρεμπορίου τῶν ἐν τοῖς μεσημβρινοῖς καὶ ἀνατολικοῖς μέρεσι τῆς χώρας ἐπαρχιῶν καὶ εἰς τὰς ἀρχὰς ἐξετάσεως τῶν διαφόρων ζητημάτων τῆς κυβερνήσεως, διὰ τὴν ὁποίαν ἐγένοντο αἱ ἀναγκαῖαι ἐνέργειαι παρὰ τῶν ἁρμοδίων ὑπουργείων ἐπὶ τῷ σκοπῷ νὰ ἐξευρεθῶσι τὰ μέσα καὶ τὰ κεφάλαια.

λαθρεμπορίου τῶν ἐν τοῖς μεσημβρινοῖς καὶ ἀνατολικοῖς μέρεσι τῆς χώρας ἐπαρχιῶν καὶ εἰς τὰς ἀρχὰς ἐξετάσεως τῶν διαφόρων ζητημάτων τῆς κυβερνήσεως, διὰ τὴν ὁποίαν ἐγένοντο αἱ ἀναγκαῖαι ἐνέργειαι παρὰ τῶν ἁρμοδίων ὑπουργείων ἐπὶ τῷ σκοπῷ νὰ ἐξευρεθῶσι τὰ μέσα καὶ τὰ κεφάλαια.

λαθρεμπορίου τῶν ἐν τοῖς μεσημβρινοῖς καὶ ἀνατολικοῖς μέρεσι τῆς χώρας ἐπαρχιῶν καὶ εἰς τὰς ἀρχὰς ἐξετάσεως τῶν διαφόρων ζητημάτων τῆς κυβερνήσεως, διὰ τὴν ὁποίαν ἐγένοντο αἱ ἀναγκαῖαι ἐνέργειαι παρὰ τῶν ἁρμοδίων ὑπουργείων ἐπὶ τῷ σκοπῷ νὰ ἐξευρεθῶσι τὰ μέσα καὶ τὰ κεφάλαια.

ΠΕΝΝΙΕΣ

λαθρεμπορίου τῶν ἐν τοῖς μεσημβρινοῖς καὶ ἀνατολικοῖς μέρεσι τῆς χώρας ἐπαρχιῶν καὶ εἰς τὰς ἀρχὰς ἐξετάσεως τῶν διαφόρων ζητημάτων τῆς κυβερνήσεως, διὰ τὴν ὁποίαν ἐγένοντο αἱ ἀναγκαῖαι ἐνέργειαι παρὰ τῶν ἁρμοδίων ὑπουργείων ἐπὶ τῷ σκοπῷ νὰ ἐξευρεθῶσι τὰ μέσα καὶ τὰ κεφάλαια.

λαθρεμπορίου τῶν ἐν τοῖς μεσημβρινοῖς καὶ ἀνατολικοῖς μέρεσι τῆς χώρας ἐπαρχιῶν καὶ εἰς τὰς ἀρχὰς ἐξετάσεως τῶν διαφόρων ζητημάτων τῆς κυβερνήσεως, διὰ τὴν ὁποίαν ἐγένοντο αἱ ἀναγκαῖαι ἐνέργειαι παρὰ τῶν ἁρμοδίων ὑπουργείων ἐπὶ τῷ σκοπῷ νὰ ἐξευρεθῶσι τὰ μέσα καὶ τὰ κεφάλαια.

λαθρεμπορίου τῶν ἐν τοῖς μεσημβρινοῖς καὶ ἀνατολικοῖς μέρεσι τῆς χώρας ἐπαρχιῶν καὶ εἰς τὰς ἀρχὰς ἐξετάσεως τῶν διαφόρων ζητημάτων τῆς κυβερνήσεως, διὰ τὴν ὁποίαν ἐγένοντο αἱ ἀναγκαῖαι ἐνέργειαι παρὰ τῶν ἁρμοδίων ὑπουργείων ἐπὶ τῷ σκοπῷ νὰ ἐξευρεθῶσι τὰ μέσα καὶ τὰ κεφάλαια.

λαθρεμπορίου τῶν ἐν τοῖς μεσημβρινοῖς καὶ ἀνατολικοῖς μέρεσι τῆς χώρας ἐπαρχιῶν καὶ εἰς τὰς ἀρχὰς ἐξετάσεως τῶν διαφόρων ζητημάτων τῆς κυβερνήσεως, διὰ τὴν ὁποίαν ἐγένοντο αἱ ἀναγκαῖαι ἐνέργειαι παρὰ τῶν ἁρμοδίων ὑπουργείων ἐπὶ τῷ σκοπῷ νὰ ἐξευρεθῶσι τὰ μέσα καὶ τὰ κεφάλαια.

λαθρεμπορίου τῶν ἐν τοῖς μεσημβρινοῖς καὶ ἀνατολικοῖς μέρεσι τῆς χώρας ἐπαρχιῶν καὶ εἰς τὰς ἀρχὰς ἐξετάσεως τῶν διαφόρων ζητημάτων τῆς κυβερνήσεως, διὰ τὴν ὁποίαν ἐγένοντο αἱ ἀναγκαῖαι ἐνέργειαι παρὰ τῶν ἁρμοδίων ὑπουργείων ἐπὶ τῷ σκοπῷ νὰ ἐξευρεθῶσι τὰ μέσα καὶ τὰ κεφάλαια.

ΧΕΙΡΟΥΡΓΙΚΗ
& ΠΑΘΟΛΟΓΙΚΗ ΚΛΙΝΙΚΗ
ΜΙΧ. Γ. ΚΟΥΝΤΟΥΡΗ
Ιατρός
Οδός Τραϊανού και Σεπτεμβρίου 126
ΔΗΛΩΣΕΙΣ

λαθρεμπορίου τῶν ἐν τοῖς μεσημβρινοῖς καὶ ἀνατολικοῖς μέρεσι τῆς χώρας ἐπαρχιῶν καὶ εἰς τὰς ἀρχὰς ἐξετάσεως τῶν διαφόρων ζητημάτων τῆς κυβερνήσεως, διὰ τὴν ὁποίαν ἐγένοντο αἱ ἀναγκαῖαι ἐνέργειαι παρὰ τῶν ἁρμοδίων ὑπουργείων ἐπὶ τῷ σκοπῷ νὰ ἐξευρεθῶσι τὰ μέσα καὶ τὰ κεφάλαια.

λαθρεμπορίου τῶν ἐν τοῖς μεσημβρινοῖς καὶ ἀνατολικοῖς μέρεσι τῆς χώρας ἐπαρχιῶν καὶ εἰς τὰς ἀρχὰς ἐξετάσεως τῶν διαφόρων ζητημάτων τῆς κυβερνήσεως, διὰ τὴν ὁποίαν ἐγένοντο αἱ ἀναγκαῖαι ἐνέργειαι παρὰ τῶν ἁρμοδίων ὑπουργείων ἐπὶ τῷ σκοπῷ νὰ ἐξευρεθῶσι τὰ μέσα καὶ τὰ κεφάλαια.

ΠΡΟΣΚΛΗΣΙΣ
ΑΠΟΛΥΘΕΝΤΩΝ ΥΠΑΛΛΗΛΩΝ

λαθρεμπορίου τῶν ἐν τοῖς μεσημβρινοῖς καὶ ἀνατολικοῖς μέρεσι τῆς χώρας ἐπαρχιῶν καὶ εἰς τὰς ἀρχὰς ἐξετάσεως τῶν διαφόρων ζητημάτων τῆς κυβερνήσεως, διὰ τὴν ὁποίαν ἐγένοντο αἱ ἀναγκαῖαι ἐνέργειαι παρὰ τῶν ἁρμοδίων ὑπουργείων ἐπὶ τῷ σκοπῷ νὰ ἐξευρεθῶσι τὰ μέσα καὶ τὰ κεφάλαια.

λαθρεμπορίου τῶν ἐν τοῖς μεσημβρινοῖς καὶ ἀνατολικοῖς μέρεσι τῆς χώρας ἐπαρχιῶν καὶ εἰς τὰς ἀρχὰς ἐξετάσεως τῶν διαφόρων ζητημάτων τῆς κυβερνήσεως, διὰ τὴν ὁποίαν ἐγένοντο αἱ ἀναγκαῖαι ἐνέργειαι παρὰ τῶν ἁρμοδίων ὑπουργείων ἐπὶ τῷ σκοπῷ νὰ ἐξευρεθῶσι τὰ μέσα καὶ τὰ κεφάλαια.

λαθρεμπορίου τῶν ἐν τοῖς μεσημβρινοῖς καὶ ἀνατολικοῖς μέρεσι τῆς χώρας ἐπαρχιῶν καὶ εἰς τὰς ἀρχὰς ἐξετάσεως τῶν διαφόρων ζητημάτων τῆς κυβερνήσεως, διὰ τὴν ὁποίαν ἐγένοντο αἱ ἀναγκαῖαι ἐνέργειαι παρὰ τῶν ἁρμοδίων ὑπουργείων ἐπὶ τῷ σκοπῷ νὰ ἐξευρεθῶσι τὰ μέσα καὶ τὰ κεφάλαια.

ΗΜΕΡΟΛΟΓΙΟΝ
ΔΕΚΕΜΒΡΙΟΣ 1 ΤΡΙΤΗ
ΣΥΝΔΡΟΜΑΙ
Εσωτερικού
ΕΤΗΣΙΑ	Δρ. 5
ΕΞΑΜΗΝΟΣ	» 30
ΤΡΙΜΗΝΟΣ	» 15
Εξωτερικού
ΕΤΗΣΙΑ	» 100
ΕΞΑΜΗΝΟΣ	» 50
ΧΡΗΜΑΤΙΣΤΗΡΙΟΝ
ΜΟΛΟΓΙΑΙ ΚΑΙ ΕΘΝΙΚΑ ΔΑΝΕΙΑ

λαθρεμπορίου τῶν ἐν τοῖς μεσημβρινοῖς καὶ ἀνατολικοῖς μέρεσι τῆς χώρας ἐπαρχιῶν καὶ εἰς τὰς ἀρχὰς ἐξετάσεως τῶν διαφόρων ζητημάτων τῆς κυβερνήσεως, διὰ τὴν ὁποίαν ἐγένοντο αἱ ἀναγκαῖαι ἐνέργειαι παρὰ τῶν ἁρμοδίων ὑπουργείων ἐπὶ τῷ σκοπῷ νὰ ἐξευρεθῶσι τὰ μέσα καὶ τὰ κεφάλαια.

λαθρεμπορίου τῶν ἐν τοῖς μεσημβρινοῖς καὶ ἀνατολικοῖς μέρεσι τῆς χώρας ἐπαρχιῶν καὶ εἰς τὰς ἀρχὰς ἐξετάσεως τῶν διαφόρων ζητημάτων τῆς κυβερνήσεως, διὰ τὴν ὁποίαν ἐγένοντο αἱ ἀναγκαῖαι ἐνέργειαι παρὰ τῶν ἁρμοδίων ὑπουργείων ἐπὶ τῷ σκοπῷ νὰ ἐξευρεθῶσι τὰ μέσα καὶ τὰ κεφάλαια.

ΜΕΤΟΧΑΙ ΤΡΑΠΕΖΩΝ

λαθρεμπορίου τῶν ἐν τοῖς μεσημβρινοῖς καὶ ἀνατολικοῖς μέρεσι τῆς χώρας ἐπαρχιῶν καὶ εἰς τὰς ἀρχὰς ἐξετάσεως τῶν διαφόρων ζητημάτων τῆς κυβερνήσεως, διὰ τὴν ὁποίαν ἐγένοντο αἱ ἀναγκαῖαι ἐνέργειαι παρὰ τῶν ἁρμοδίων ὑπουργείων ἐπὶ τῷ σκοπῷ νὰ ἐξευρεθῶσι τὰ μέσα καὶ τὰ κεφάλαια.

λαθρεμπορίου τῶν ἐν τοῖς μεσημβρινοῖς καὶ ἀνατολικοῖς μέρεσι τῆς χώρας ἐπαρχιῶν καὶ εἰς τὰς ἀρχὰς ἐξετάσεως τῶν διαφόρων ζητημάτων τῆς κυβερνήσεως, διὰ τὴν ὁποίαν ἐγένοντο αἱ ἀναγκαῖαι ἐνέργειαι παρὰ τῶν ἁρμοδίων ὑπουργείων ἐπὶ τῷ σκοπῷ νὰ ἐξευρεθῶσι τὰ μέσα καὶ τὰ κεφάλαια.

ΜΕΤΟΧΑΙ ΕΤΑΙΡΕΙΩΝ

λαθρεμπορίου τῶν ἐν τοῖς μεσημβρινοῖς καὶ ἀνατολικοῖς μέρεσι τῆς χώρας ἐπαρχιῶν καὶ εἰς τὰς ἀρχὰς ἐξετάσεως τῶν διαφόρων ζητημάτων τῆς κυβερνήσεως, διὰ τὴν ὁποίαν ἐγένοντο αἱ ἀναγκαῖαι ἐνέργειαι παρὰ τῶν ἁρμοδίων ὑπουργείων ἐπὶ τῷ σκοπῷ νὰ ἐξευρεθῶσι τὰ μέσα καὶ τὰ κεφάλαια.

λαθρεμπορίου τῶν ἐν τοῖς μεσημβρινοῖς καὶ ἀνατολικοῖς μέρεσι τῆς χώρας ἐπαρχιῶν καὶ εἰς τὰς ἀρχὰς ἐξετάσεως τῶν διαφόρων ζητημάτων τῆς κυβερνήσεως, διὰ τὴν ὁποίαν ἐγένοντο αἱ ἀναγκαῖαι ἐνέργειαι παρὰ τῶν ἁρμοδίων ὑπουργείων ἐπὶ τῷ σκοπῷ νὰ ἐξευρεθῶσι τὰ μέσα καὶ τὰ κεφάλαια.

λαθρεμπορίου τῶν ἐν τοῖς μεσημβρινοῖς καὶ ἀνατολικοῖς μέρεσι τῆς χώρας ἐπαρχιῶν καὶ εἰς τὰς ἀρχὰς ἐξετάσεως τῶν διαφόρων ζητημάτων τῆς κυβερνήσεως, διὰ τὴν ὁποίαν ἐγένοντο αἱ ἀναγκαῖαι ἐνέργειαι παρὰ τῶν ἁρμοδίων ὑπουργείων ἐπὶ τῷ σκοπῷ νὰ ἐξευρεθῶσι τὰ μέσα καὶ τὰ κεφάλαια.

ΤΙΜΑΙ ΣΥΝΑΛΛΑΓΜΑΤΟΣ

λαθρεμπορίου τῶν ἐν τοῖς μεσημβρινοῖς καὶ ἀνατολικοῖς μέρεσι τῆς χώρας ἐπαρχιῶν καὶ εἰς τὰς ἀρχὰς ἐξετάσεως τῶν διαφόρων ζητημάτων τῆς κυβερνήσεως, διὰ τὴν ὁποίαν ἐγένοντο αἱ ἀναγκαῖαι ἐνέργειαι παρὰ τῶν ἁρμοδίων ὑπουργείων ἐπὶ τῷ σκοπῷ νὰ ἐξευρεθῶσι τὰ μέσα καὶ τὰ κεφάλαια.

ΘΕΑΤΡΑ

λαθρεμπορίου τῶν ἐν τοῖς μεσημβρινοῖς καὶ ἀνατολικοῖς μέρεσι τῆς χώρας ἐπαρχιῶν καὶ εἰς τὰς ἀρχὰς ἐξετάσεως τῶν διαφόρων ζητημάτων τῆς κυβερνήσεως, διὰ τὴν ὁποίαν ἐγένοντο αἱ ἀναγκαῖαι ἐνέργειαι παρὰ τῶν ἁρμοδίων ὑπουργείων ἐπὶ τῷ σκοπῷ νὰ ἐξευρεθῶσι τὰ μέσα καὶ τὰ κεφάλαια.

λαθρεμπορίου τῶν ἐν τοῖς μεσημβρινοῖς καὶ ἀνατολικοῖς μέρεσι τῆς χώρας ἐπαρχιῶν καὶ εἰς τὰς ἀρχὰς ἐξετάσεως τῶν διαφόρων ζητημάτων τῆς κυβερνήσεως, διὰ τὴν ὁποίαν ἐγένοντο αἱ ἀναγκαῖαι ἐνέργειαι παρὰ τῶν ἁρμοδίων ὑπουργείων ἐπὶ τῷ σκοπῷ νὰ ἐξευρεθῶσι τὰ μέσα καὶ τὰ κεφάλαια.

λαθρεμπορίου τῶν ἐν τοῖς μεσημβρινοῖς καὶ ἀνατολικοῖς μέρεσι τῆς χώρας ἐπαρχιῶν καὶ εἰς τὰς ἀρχὰς ἐξετάσεως τῶν διαφόρων ζητημάτων τῆς κυβερνήσεως, διὰ τὴν ὁποίαν ἐγένοντο αἱ ἀναγκαῖαι ἐνέργειαι παρὰ τῶν ἁρμοδίων ὑπουργείων ἐπὶ τῷ σκοπῷ νὰ ἐξευρεθῶσι τὰ μέσα καὶ τὰ κεφάλαια.

ΤΑΧΥΔΡΟΜΕΙΟΝ

λαθρεμπορίου τῶν ἐν τοῖς μεσημβρινοῖς καὶ ἀνατολικοῖς μέρεσι τῆς χώρας ἐπαρχιῶν καὶ εἰς τὰς ἀρχὰς ἐξετάσεως τῶν διαφόρων ζητημάτων τῆς κυβερνήσεως, διὰ τὴν ὁποίαν ἐγένοντο αἱ ἀναγκαῖαι ἐνέργειαι παρὰ τῶν ἁρμοδίων ὑπουργείων ἐπὶ τῷ σκοπῷ νὰ ἐξευρεθῶσι τὰ μέσα καὶ τὰ κεφάλαια.

λαθρεμπορίου τῶν ἐν τοῖς μεσημβρινοῖς καὶ ἀνατολικοῖς μέρεσι τῆς χώρας ἐπαρχιῶν καὶ εἰς τὰς ἀρχὰς ἐξετάσεως τῶν διαφόρων ζητημάτων τῆς κυβερνήσεως, διὰ τὴν ὁποίαν ἐγένοντο αἱ ἀναγκαῖαι ἐνέργειαι παρὰ τῶν ἁρμοδίων ὑπουργείων ἐπὶ τῷ σκοπῷ νὰ ἐξευρεθῶσι τὰ μέσα καὶ τὰ κεφάλαια.

ΚΟΙΝΩΝΙΚΑ

λαθρεμπορίου τῶν ἐν τοῖς μεσημβρινοῖς καὶ ἀνατολικοῖς μέρεσι τῆς χώρας ἐπαρχιῶν καὶ εἰς τὰς ἀρχὰς ἐξετάσεως τῶν διαφόρων ζητημάτων τῆς κυβερνήσεως, διὰ τὴν ὁποίαν ἐγένοντο αἱ ἀναγκαῖαι ἐνέργειαι παρὰ τῶν ἁρμοδίων ὑπουργείων ἐπὶ τῷ σκοπῷ νὰ ἐξευρεθῶσι τὰ μέσα καὶ τὰ κεφάλαια.
